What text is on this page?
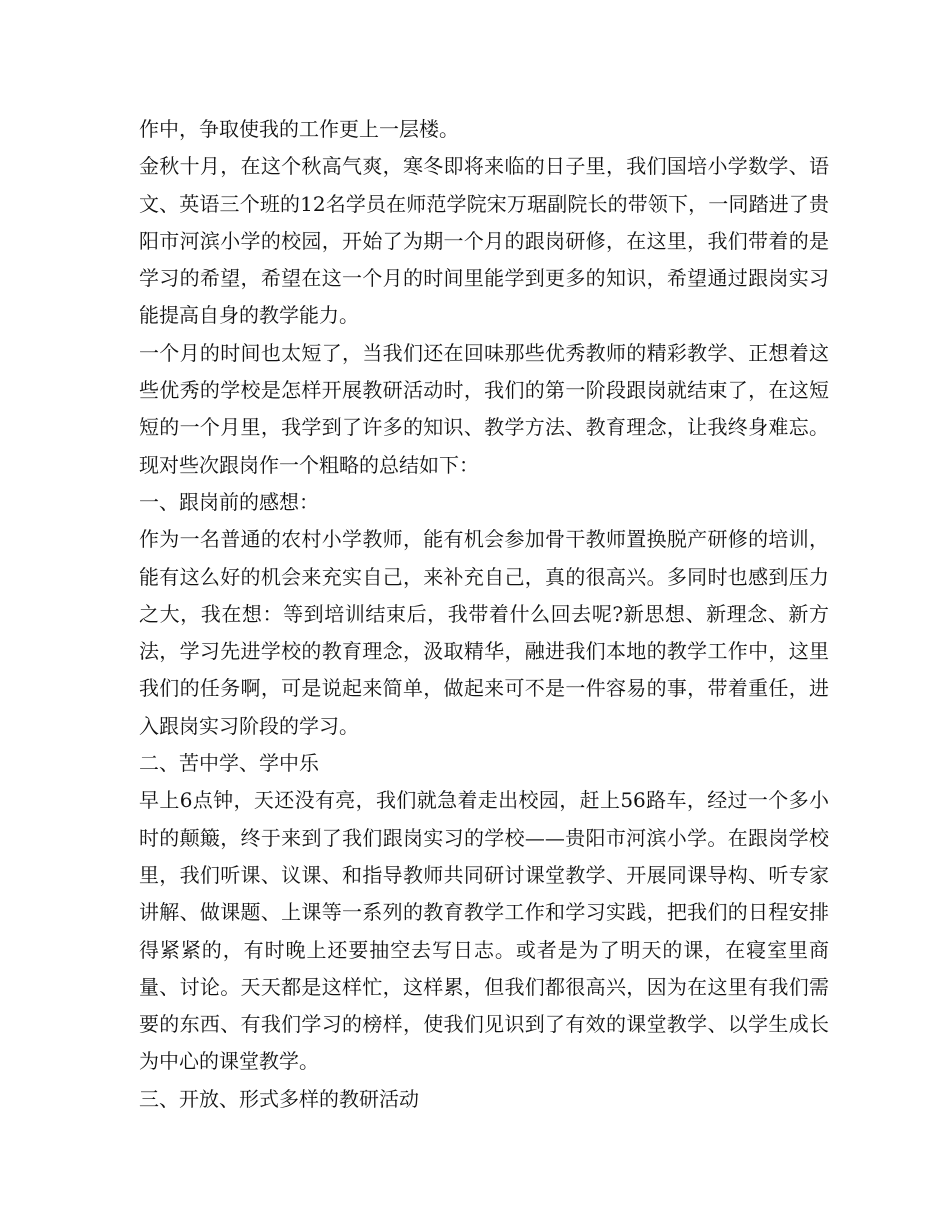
作中，争取使我的工作更上一层楼。

金秋十月，在这个秋高气爽，寒冬即将来临的日子里，我们国培小学数学、语文、英语三个班的12名学员在师范学院宋万琚副院长的带领下，一同踏进了贵阳市河滨小学的校园，开始了为期一个月的跟岗研修，在这里，我们带着的是学习的希望，希望在这一个月的时间里能学到更多的知识，希望通过跟岗实习能提高自身的教学能力。

一个月的时间也太短了，当我们还在回味那些优秀教师的精彩教学、正想着这些优秀的学校是怎样开展教研活动时，我们的第一阶段跟岗就结束了，在这短短的一个月里，我学到了许多的知识、教学方法、教育理念，让我终身难忘。现对些次跟岗作一个粗略的总结如下：

一、跟岗前的感想：

作为一名普通的农村小学教师，能有机会参加骨干教师置换脱产研修的培训，能有这么好的机会来充实自己，来补充自己，真的很高兴。多同时也感到压力之大，我在想：等到培训结束后，我带着什么回去呢?新思想、新理念、新方法，学习先进学校的教育理念，汲取精华，融进我们本地的教学工作中，这里我们的任务啊，可是说起来简单，做起来可不是一件容易的事，带着重任，进入跟岗实习阶段的学习。

二、苦中学、学中乐

早上6点钟，天还没有亮，我们就急着走出校园，赶上56路车，经过一个多小时的颠簸，终于来到了我们跟岗实习的学校——贵阳市河滨小学。在跟岗学校里，我们听课、议课、和指导教师共同研讨课堂教学、开展同课导构、听专家讲解、做课题、上课等一系列的教育教学工作和学习实践，把我们的日程安排得紧紧的，有时晚上还要抽空去写日志。或者是为了明天的课，在寝室里商量、讨论。天天都是这样忙，这样累，但我们都很高兴，因为在这里有我们需要的东西、有我们学习的榜样，使我们见识到了有效的课堂教学、以学生成长为中心的课堂教学。

三、开放、形式多样的教研活动
